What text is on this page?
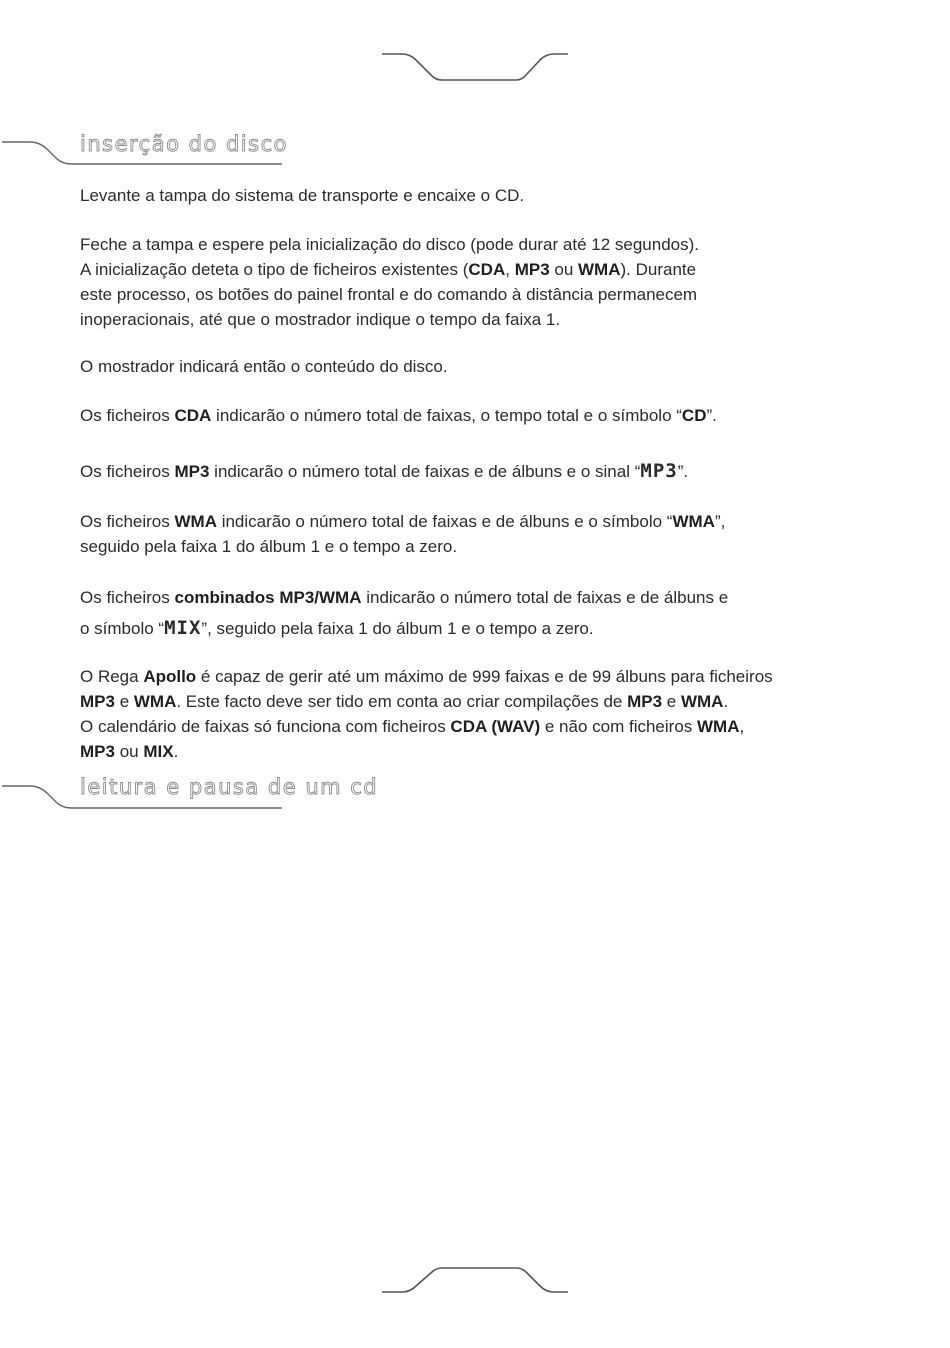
inserção do disco

Levante a tampa do sistema de transporte e encaixe o CD.

Feche a tampa e espere pela inicialização do disco (pode durar até 12 segundos).
A inicialização deteta o tipo de ficheiros existentes (CDA, MP3 ou WMA). Durante
este processo, os botões do painel frontal e do comando à distância permanecem
inoperacionais, até que o mostrador indique o tempo da faixa 1.

O mostrador indicará então o conteúdo do disco.

Os ficheiros CDA indicarão o número total de faixas, o tempo total e o símbolo “CD”.

Os ficheiros MP3 indicarão o número total de faixas e de álbuns e o sinal “MP3”.

Os ficheiros WMA indicarão o número total de faixas e de álbuns e o símbolo “WMA”,
seguido pela faixa 1 do álbum 1 e o tempo a zero.

Os ficheiros combinados MP3/WMA indicarão o número total de faixas e de álbuns e
o símbolo “MIX”, seguido pela faixa 1 do álbum 1 e o tempo a zero.

O Rega Apollo é capaz de gerir até um máximo de 999 faixas e de 99 álbuns para ficheiros
MP3 e WMA. Este facto deve ser tido em conta ao criar compilações de MP3 e WMA.
O calendário de faixas só funciona com ficheiros CDA (WAV) e não com ficheiros WMA,
MP3 ou MIX.

leitura e pausa de um cd
